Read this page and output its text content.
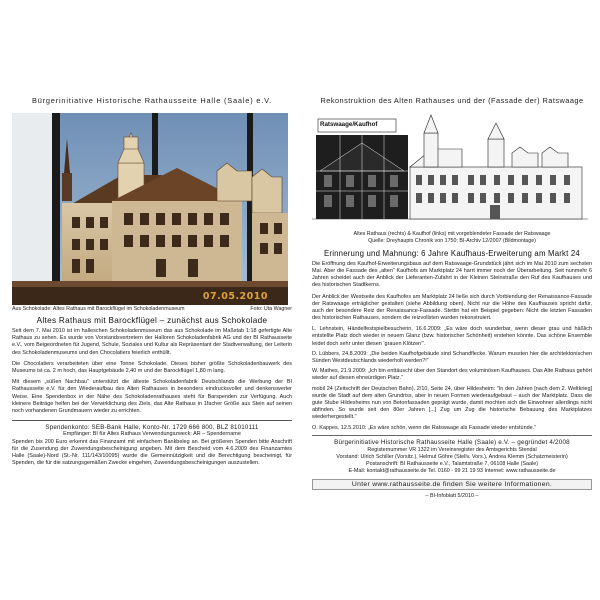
Bürgerinitiative Historische Rathausseite Halle (Saale) e.V.
07.05.2010
Aus Schokolade: Altes Rathaus mit Barockflügel im Schokoladenmuseum	Foto: Uta Wagner
Altes Rathaus mit Barockflügel – zunächst aus Schokolade

Seit dem 7. Mai 2010 ist im halleschen Schokoladenmuseum das aus Schokolade im Maßstab 1:18 gefertigte Alte Rathaus zu sehen. Es wurde von Vorstandsvertretern der Halloren Schokoladenfabrik AG und der BI Rathausseite e.V., vom Beigeordneten für Jugend, Schule, Soziales und Kultur als Repräsentant der Stadtverwaltung, der Leiterin des Schokoladenmuseums und den Chocolatiers feierlich enthüllt.

Die Chocolatiers verarbeiteten über eine Tonne Schokolade. Dieses bisher größte Schokoladenbauwerk des Museums ist ca. 2 m hoch, das Hauptgebäude 2,40 m und der Barockflügel 1,80 m lang.

Mit diesem „süßen Nachbau“ unterstützt die älteste Schokoladenfabrik Deutschlands die Werbung der BI Rathausseite e.V. für den Wiederaufbau des Alten Rathauses in besonders eindrucksvoller und denkenswerter Weise. Eine Spendenbox in der Nähe des Schokoladenrathauses steht für Barspenden zur Verfügung. Auch kleinere Beiträge helfen bei der Verwirklichung des Ziels, das Alte Rathaus in 1facher Größe aus Stein auf seinen noch vorhandenen Grundmauern wieder zu errichten.

Spendenkonto: SEB-Bank Halle, Konto-Nr. 1729 666 800, BLZ 81010111
Empfänger: BI für Altes Rathaus Verwendungszweck: AR – Spendername
Spenden bis 200 Euro erkennt das Finanzamt mit einfachem Bankbeleg an. Bei größeren Spenden bitte Anschrift für die Zusendung der Zuwendungsbescheinigung angeben. Mit dem Bescheid vom 4.6.2009 des Finanzamtes Halle (Saale)-Nord (St.-Nr. 111/143/10095) wurde die Gemeinnützigkeit und die Berechtigung bescheinigt, für Spenden, die für die satzungsgemäßen Zwecke eingehen, Zuwendungsbescheinigungen auszustellen.
Rekonstruktion des Alten Rathauses und der (Fassade der) Ratswaage
Ratswaage/Kaufhof
Altes Rathaus (rechts) & Kaufhof (links) mit vorgeblendeter Fassade der Ratswaage
Quelle: Dreyhaupts Chronik von 1750; BI-Archiv 12/2007 (Bildmontage)
Erinnerung und Mahnung: 6 Jahre Kaufhaus-Erweiterung am Markt 24

Die Eröffnung des Kaufhof-Erweiterungsbaus auf dem Ratswaage-Grundstück jährt sich im Mai 2010 zum sechsten Mal. Aber die Fassade des „alten“ Kaufhofs am Marktplatz 24 harrt immer noch der Überarbeitung. Seit nunmehr 6 Jahren scheidet auch der Anblick der Lieferanten-Zufahrt in der Kleinen Steinstraße den Ruf des Kaufhauses und des historischen Stadtkerns.

Der Anblick der Westseite des Kaufhofes am Marktplatz 24 ließe sich durch Vorblendung der Renaissance-Fassade der Ratswaage erträglicher gestalten (siehe Abbildung oben). Nicht nur die Höhe des Kaufhauses spricht dafür, auch der besondere Reiz der Renaissance-Fassade. Stettin hat ein Beispiel gegeben: Nicht die letzten Fassaden des historischen Rathauses, sondern die reizvollsten wurden rekonstruiert.

L. Lehnstein, Händelfestspielbesucherin, 16.6.2009: „Es wäre doch wunderbar, wenn dieser grau und häßlich entstellte Platz doch wieder in neuem Glanz (bzw. historischer Schönheit) erstehen könnte. Das schöne Ensemble leidet doch sehr unter diesen ‘grauen Klötzen’“.

D. Lübbers, 24.8.2009: „Die beiden Kaufhofgebäude sind Schandflecke. Warum mussten hier die architektonischen Sünden Westdeutschlands wiederholt werden?!“

W. Mathes, 21.9.2009: „Ich bin enttäuscht über den Standort des voluminösen Kaufhauses. Das Alte Rathaus gehört wieder auf diesen ehrwürdigen Platz.“

mobil 24 (Zeitschrift der Deutschen Bahn), 2/10, Seite 24, über Hildesheim: "In den Jahren [nach dem 2. Weltkrieg] wurde die Stadt auf dem alten Grundriss, aber in neuen Formen wiederaufgebaut – auch der Marktplatz. Dass die gute Stube Hildesheims nun von Betonfassaden geprägt wurde, damit mochten sich die Einwohner allerdings nicht abfinden. So wurde seit den 80er Jahren [...] Zug um Zug die historische Bebauung des Marktplatzes wiederhergestellt."

O. Kappes, 12.5.2010: „Es wäre schön, wenn die Ratswaage als Fassade wieder entstünde.“

Bürgerinitiative Historische Rathausseite Halle (Saale) e.V. – gegründet 4/2008
Registernummer VR 1322 im Vereinsregister des Amtsgerichts Stendal
Vorstand: Ulrich Schiller (Vorsitz.), Helmut Göhre (Stellv. Vors.), Andrea Klemm (Schatzmeisterin)
Postanschrift: BI Rathausseite e.V., Talamtstraße 7, 06108 Halle (Saale)
E-Mail: kontakt@rathausseite.de Tel. 0160 - 99 21 19 93 Internet: www.rathausseite.de
Unter www.rathausseite.de finden Sie weitere Informationen.
– BI-Infoblatt 5/2010 –
